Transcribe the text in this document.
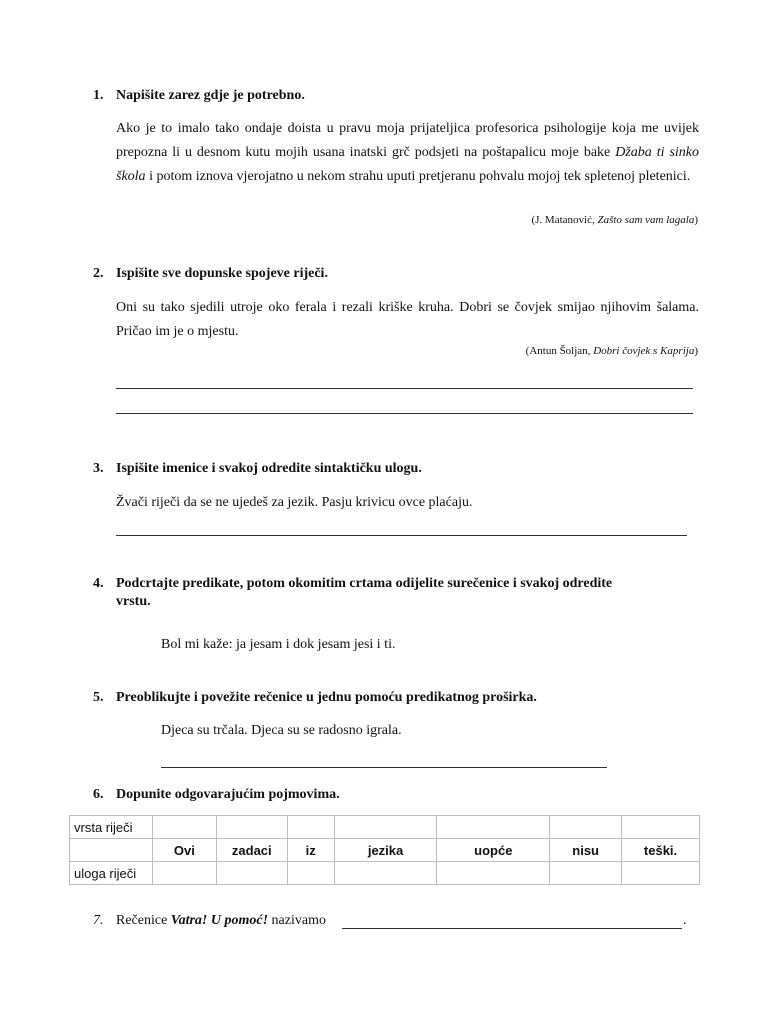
1. Napišite zarez gdje je potrebno.
Ako je to imalo tako ondaje doista u pravu moja prijateljica profesorica psihologije koja me uvijek prepozna li u desnom kutu mojih usana inatski grč podsjeti na poštapalicu moje bake Džaba ti sinko škola i potom iznova vjerojatno u nekom strahu uputi pretjeranu pohvalu mojoj tek spletenoj pletenici.
(J. Matanović, Zašto sam vam lagala)
2. Ispišite sve dopunske spojeve riječi.
Oni su tako sjedili utroje oko ferala i rezali kriške kruha. Dobri se čovjek smijao njihovim šalama. Pričao im je o mjestu.
(Antun Šoljan, Dobri čovjek s Kaprija)
3. Ispišite imenice i svakoj odredite sintaktičku ulogu.
Žvači riječi da se ne ujedeš za jezik. Pasju krivicu ovce plaćaju.
4. Podcrtajte predikate, potom okomitim crtama odijelite surečenice i svakoj odredite
vrstu.
Bol mi kaže: ja jesam i dok jesam jesi i ti.
5. Preoblikujte i povežite rečenice u jednu pomoću predikatnog proširka.
Djeca su trčala. Djeca su se radosno igrala.
6. Dopunite odgovarajućim pojmovima.
vrsta riječi							
	Ovi	zadaci	iz	jezika	uopće	nisu	teški.
uloga riječi							
7. Rečenice Vatra! U pomoć! nazivamo	.
